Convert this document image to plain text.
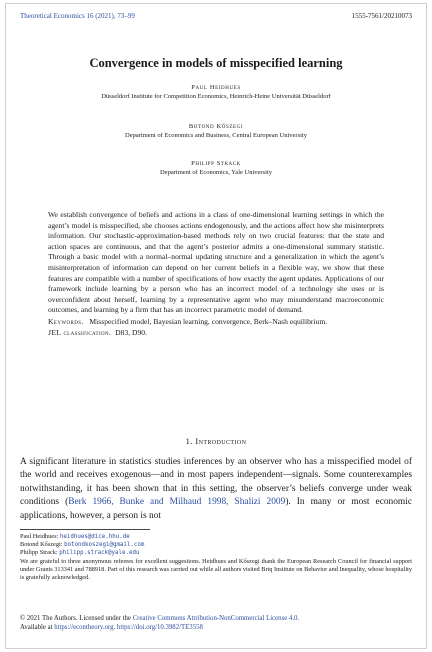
Theoretical Economics 16 (2021), 73–99	1555-7561/20210073
Convergence in models of misspecified learning
Paul Heidhues
Düsseldorf Institute for Competition Economics, Heinrich-Heine Universität Düsseldorf
Botond Kőszegi
Department of Economics and Business, Central European University
Philipp Strack
Department of Economics, Yale University
We establish convergence of beliefs and actions in a class of one-dimensional learning settings in which the agent’s model is misspecified, she chooses actions endogenously, and the actions affect how she misinterprets information. Our stochastic-approximation-based methods rely on two crucial features: that the state and action spaces are continuous, and that the agent’s posterior admits a one-dimensional summary statistic. Through a basic model with a normal–normal updating structure and a generalization in which the agent’s misinterpretation of information can depend on her current beliefs in a flexible way, we show that these features are compatible with a number of specifications of how exactly the agent updates. Applications of our framework include learning by a person who has an incorrect model of a technology she uses or is overconfident about herself, learning by a representative agent who may misunderstand macroeconomic outcomes, and learning by a firm that has an incorrect parametric model of demand.
Keywords. Misspecified model, Bayesian learning, convergence, Berk–Nash equilibrium.
JEL classification. D83, D90.
1. Introduction
A significant literature in statistics studies inferences by an observer who has a misspecified model of the world and receives exogenous—and in most papers independent—signals. Some counterexamples notwithstanding, it has been shown that in this setting, the observer’s beliefs converge under weak conditions (Berk 1966, Bunke and Milhaud 1998, Shalizi 2009). In many or most economic applications, however, a person is not
Paul Heidhues: heidhues@dice.hhu.de
Botond Kőszegi: botondkoszegi@gmail.com
Philipp Strack: philipp.strack@yale.edu
We are grateful to three anonymous referees for excellent suggestions. Heidhues and Kőszegi thank the European Research Council for financial support under Grants 313341 and 788918. Part of this research was carried out while all authors visited Briq Institute on Behavior and Inequality, whose hospitality is gratefully acknowledged.
© 2021 The Authors. Licensed under the Creative Commons Attribution-NonCommercial License 4.0.
Available at https://econtheory.org. https://doi.org/10.3982/TE3558
